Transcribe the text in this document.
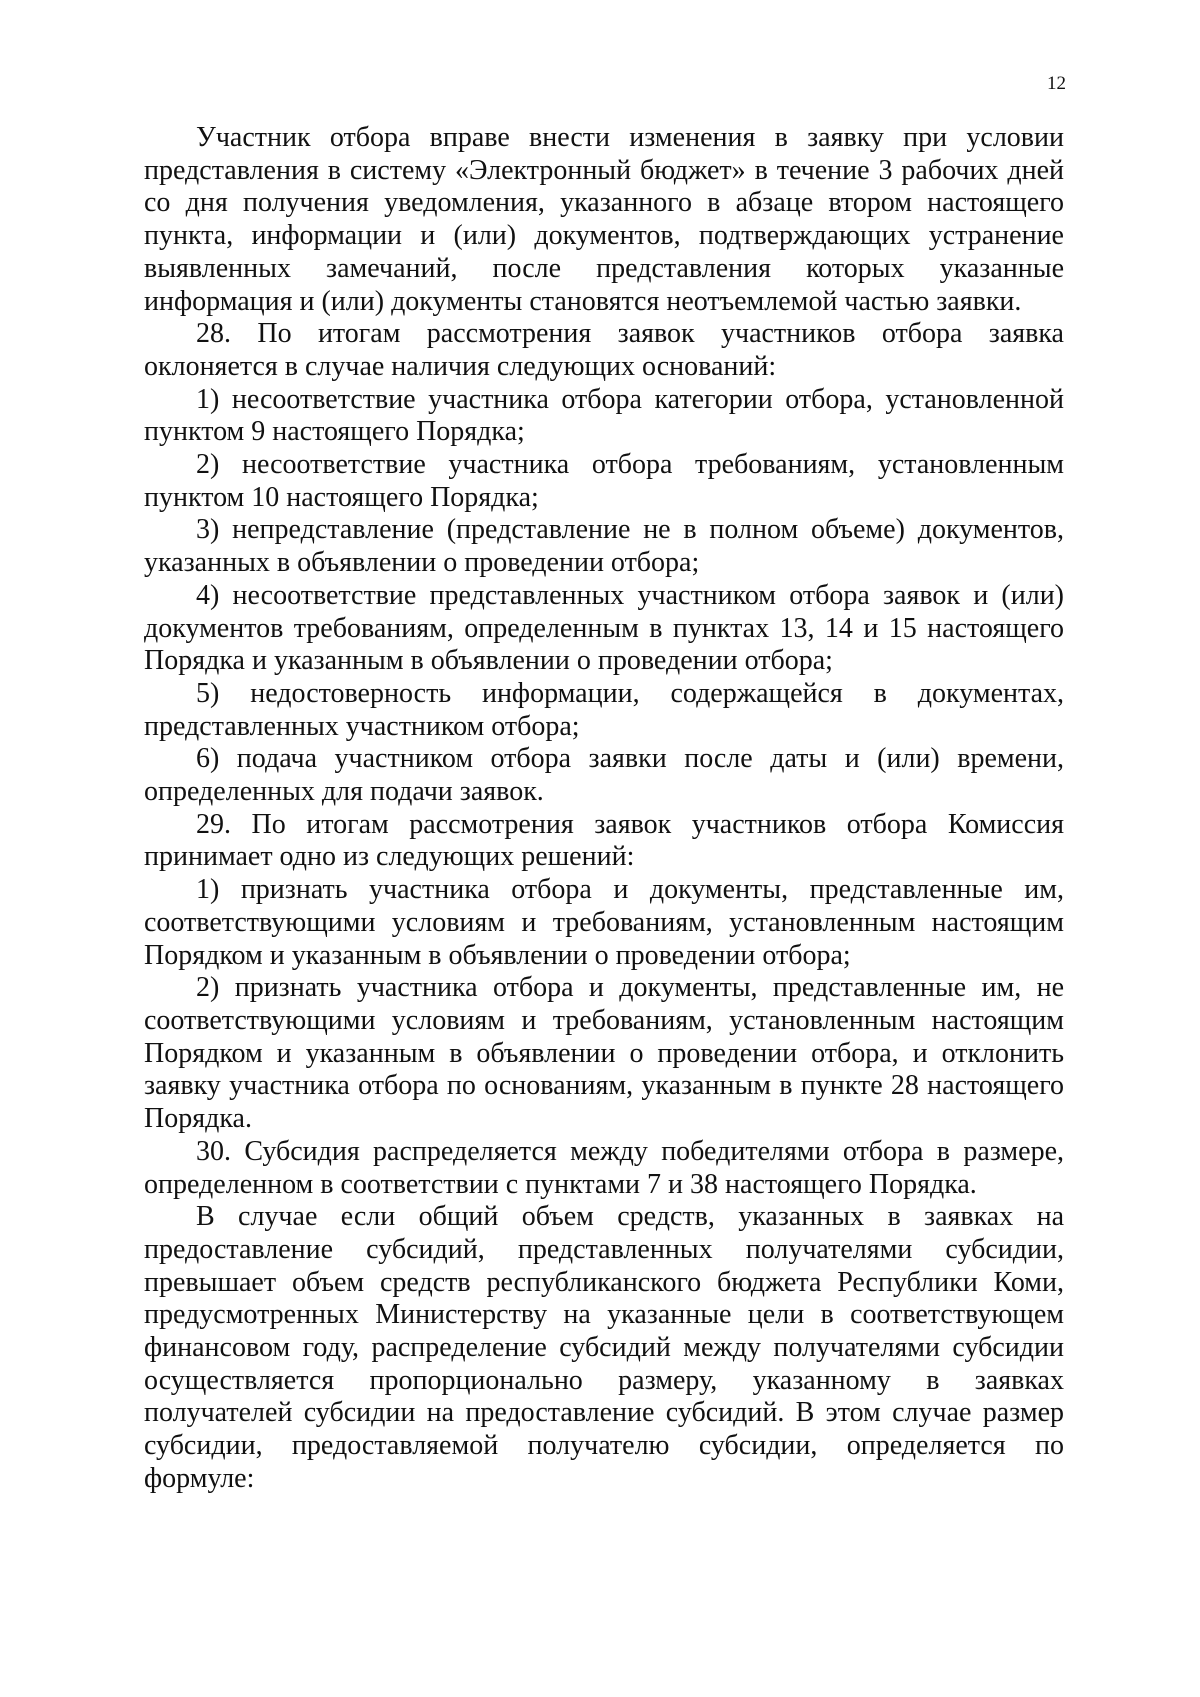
12

Участник отбора вправе внести изменения в заявку при условии представления в систему «Электронный бюджет» в течение 3 рабочих дней со дня получения уведомления, указанного в абзаце втором настоящего пункта, информации и (или) документов, подтверждающих устранение выявленных замечаний, после представления которых указанные информация и (или) документы становятся неотъемлемой частью заявки.

28. По итогам рассмотрения заявок участников отбора заявка оклоняется в случае наличия следующих оснований:

1) несоответствие участника отбора категории отбора, установленной пунктом 9 настоящего Порядка;

2) несоответствие участника отбора требованиям, установленным пунктом 10 настоящего Порядка;

3) непредставление (представление не в полном объеме) документов, указанных в объявлении о проведении отбора;

4) несоответствие представленных участником отбора заявок и (или) документов требованиям, определенным в пунктах 13, 14 и 15 настоящего Порядка и указанным в объявлении о проведении отбора;

5) недостоверность информации, содержащейся в документах, представленных участником отбора;

6) подача участником отбора заявки после даты и (или) времени, определенных для подачи заявок.

29. По итогам рассмотрения заявок участников отбора Комиссия принимает одно из следующих решений:

1) признать участника отбора и документы, представленные им, соответствующими условиям и требованиям, установленным настоящим Порядком и указанным в объявлении о проведении отбора;

2) признать участника отбора и документы, представленные им, не соответствующими условиям и требованиям, установленным настоящим Порядком и указанным в объявлении о проведении отбора, и отклонить заявку участника отбора по основаниям, указанным в пункте 28 настоящего Порядка.

30. Субсидия распределяется между победителями отбора в размере, определенном в соответствии с пунктами 7 и 38 настоящего Порядка.

В случае если общий объем средств, указанных в заявках на предоставление субсидий, представленных получателями субсидии, превышает объем средств республиканского бюджета Республики Коми, предусмотренных Министерству на указанные цели в соответствующем финансовом году, распределение субсидий между получателями субсидии осуществляется пропорционально размеру, указанному в заявках получателей субсидии на предоставление субсидий. В этом случае размер субсидии, предоставляемой получателю субсидии, определяется по формуле:
